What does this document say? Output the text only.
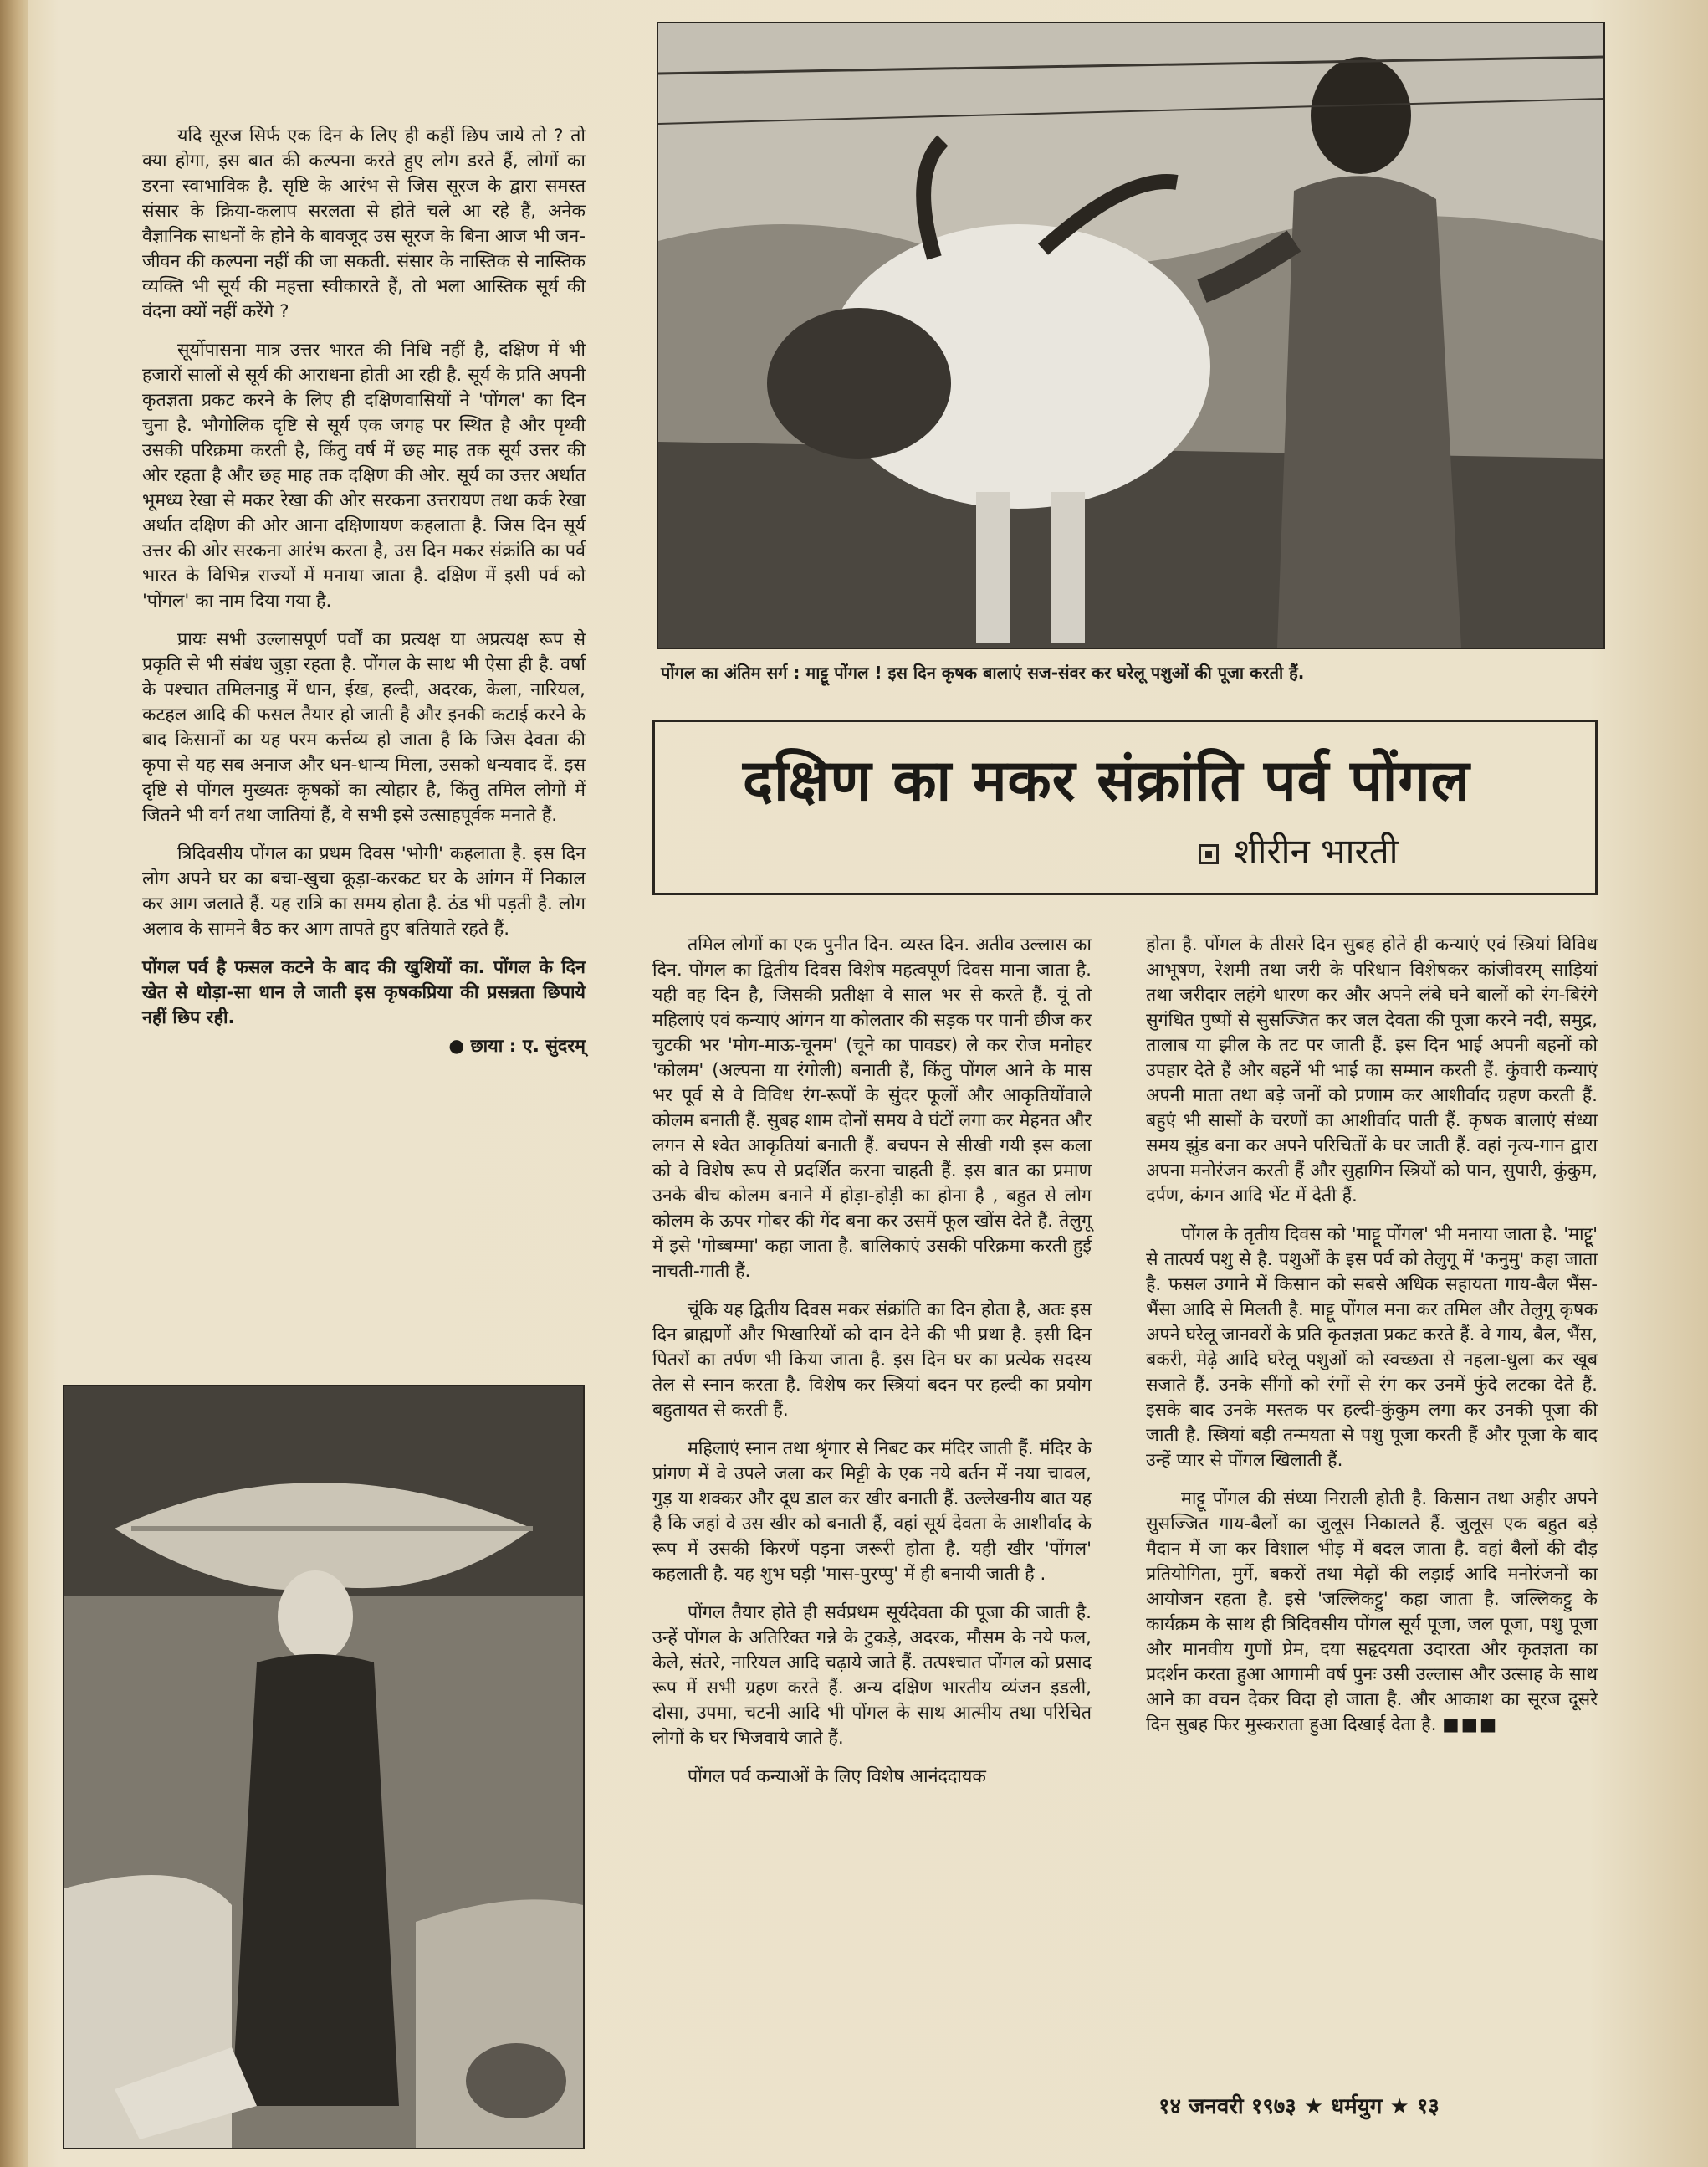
यदि सूरज सिर्फ एक दिन के लिए ही कहीं छिप जाये तो ? तो क्या होगा, इस बात की कल्पना करते हुए लोग डरते हैं, लोगों का डरना स्वाभाविक है. सृष्टि के आरंभ से जिस सूरज के द्वारा समस्त संसार के क्रिया-कलाप सरलता से होते चले आ रहे हैं, अनेक वैज्ञानिक साधनों के होने के बावजूद उस सूरज के बिना आज भी जन-जीवन की कल्पना नहीं की जा सकती. संसार के नास्तिक से नास्तिक व्यक्ति भी सूर्य की महत्ता स्वीकारते हैं, तो भला आस्तिक सूर्य की वंदना क्यों नहीं करेंगे ?

सूर्योपासना मात्र उत्तर भारत की निधि नहीं है, दक्षिण में भी हजारों सालों से सूर्य की आराधना होती आ रही है. सूर्य के प्रति अपनी कृतज्ञता प्रकट करने के लिए ही दक्षिणवासियों ने 'पोंगल' का दिन चुना है. भौगोलिक दृष्टि से सूर्य एक जगह पर स्थित है और पृथ्वी उसकी परिक्रमा करती है, किंतु वर्ष में छह माह तक सूर्य उत्तर की ओर रहता है और छह माह तक दक्षिण की ओर. सूर्य का उत्तर अर्थात भूमध्य रेखा से मकर रेखा की ओर सरकना उत्तरायण तथा कर्क रेखा अर्थात दक्षिण की ओर आना दक्षिणायण कहलाता है. जिस दिन सूर्य उत्तर की ओर सरकना आरंभ करता है, उस दिन मकर संक्रांति का पर्व भारत के विभिन्न राज्यों में मनाया जाता है. दक्षिण में इसी पर्व को 'पोंगल' का नाम दिया गया है.

प्रायः सभी उल्लासपूर्ण पर्वों का प्रत्यक्ष या अप्रत्यक्ष रूप से प्रकृति से भी संबंध जुड़ा रहता है. पोंगल के साथ भी ऐसा ही है. वर्षा के पश्चात तमिलनाडु में धान, ईख, हल्दी, अदरक, केला, नारियल, कटहल आदि की फसल तैयार हो जाती है और इनकी कटाई करने के बाद किसानों का यह परम कर्त्तव्य हो जाता है कि जिस देवता की कृपा से यह सब अनाज और धन-धान्य मिला, उसको धन्यवाद दें. इस दृष्टि से पोंगल मुख्यतः कृषकों का त्योहार है, किंतु तमिल लोगों में जितने भी वर्ग तथा जातियां हैं, वे सभी इसे उत्साहपूर्वक मनाते हैं.

त्रिदिवसीय पोंगल का प्रथम दिवस 'भोगी' कहलाता है. इस दिन लोग अपने घर का बचा-खुचा कूड़ा-करकट घर के आंगन में निकाल कर आग जलाते हैं. यह रात्रि का समय होता है. ठंड भी पड़ती है. लोग अलाव के सामने बैठ कर आग तापते हुए बतियाते रहते हैं.

पोंगल पर्व है फसल कटने के बाद की खुशियों का. पोंगल के दिन खेत से थोड़ा-सा धान ले जाती इस कृषकप्रिया की प्रसन्नता छिपाये नहीं छिप रही.

● छाया : ए. सुंदरम्
पोंगल का अंतिम सर्ग : माट्टू पोंगल ! इस दिन कृषक बालाएं सज-संवर कर घरेलू पशुओं की पूजा करती हैं.
दक्षिण का मकर संक्रांति पर्व पोंगल
शीरीन भारती

तमिल लोगों का एक पुनीत दिन. व्यस्त दिन. अतीव उल्लास का दिन. पोंगल का द्वितीय दिवस विशेष महत्वपूर्ण दिवस माना जाता है. यही वह दिन है, जिसकी प्रतीक्षा वे साल भर से करते हैं. यूं तो महिलाएं एवं कन्याएं आंगन या कोलतार की सड़क पर पानी छीज कर चुटकी भर 'मोग-माऊ-चूनम' (चूने का पावडर) ले कर रोज मनोहर 'कोलम' (अल्पना या रंगोली) बनाती हैं, किंतु पोंगल आने के मास भर पूर्व से वे विविध रंग-रूपों के सुंदर फूलों और आकृतियोंवाले कोलम बनाती हैं. सुबह शाम दोनों समय वे घंटों लगा कर मेहनत और लगन से श्वेत आकृतियां बनाती हैं. बचपन से सीखी गयी इस कला को वे विशेष रूप से प्रदर्शित करना चाहती हैं. इस बात का प्रमाण उनके बीच कोलम बनाने में होड़ा-होड़ी का होना है , बहुत से लोग कोलम के ऊपर गोबर की गेंद बना कर उसमें फूल खोंस देते हैं. तेलुगू में इसे 'गोब्बम्मा' कहा जाता है. बालिकाएं उसकी परिक्रमा करती हुई नाचती-गाती हैं.

चूंकि यह द्वितीय दिवस मकर संक्रांति का दिन होता है, अतः इस दिन ब्राह्मणों और भिखारियों को दान देने की भी प्रथा है. इसी दिन पितरों का तर्पण भी किया जाता है. इस दिन घर का प्रत्येक सदस्य तेल से स्नान करता है. विशेष कर स्त्रियां बदन पर हल्दी का प्रयोग बहुतायत से करती हैं.

महिलाएं स्नान तथा श्रृंगार से निबट कर मंदिर जाती हैं. मंदिर के प्रांगण में वे उपले जला कर मिट्टी के एक नये बर्तन में नया चावल, गुड़ या शक्कर और दूध डाल कर खीर बनाती हैं. उल्लेखनीय बात यह है कि जहां वे उस खीर को बनाती हैं, वहां सूर्य देवता के आशीर्वाद के रूप में उसकी किरणें पड़ना जरूरी होता है. यही खीर 'पोंगल' कहलाती है. यह शुभ घड़ी 'मास-पुरप्पु' में ही बनायी जाती है .

पोंगल तैयार होते ही सर्वप्रथम सूर्यदेवता की पूजा की जाती है. उन्हें पोंगल के अतिरिक्त गन्ने के टुकड़े, अदरक, मौसम के नये फल, केले, संतरे, नारियल आदि चढ़ाये जाते हैं. तत्पश्चात पोंगल को प्रसाद रूप में सभी ग्रहण करते हैं. अन्य दक्षिण भारतीय व्यंजन इडली, दोसा, उपमा, चटनी आदि भी पोंगल के साथ आत्मीय तथा परिचित लोगों के घर भिजवाये जाते हैं.

पोंगल पर्व कन्याओं के लिए विशेष आनंददायक

होता है. पोंगल के तीसरे दिन सुबह होते ही कन्याएं एवं स्त्रियां विविध आभूषण, रेशमी तथा जरी के परिधान विशेषकर कांजीवरम् साड़ियां तथा जरीदार लहंगे धारण कर और अपने लंबे घने बालों को रंग-बिरंगे सुगंधित पुष्पों से सुसज्जित कर जल देवता की पूजा करने नदी, समुद्र, तालाब या झील के तट पर जाती हैं. इस दिन भाई अपनी बहनों को उपहार देते हैं और बहनें भी भाई का सम्मान करती हैं. कुंवारी कन्याएं अपनी माता तथा बड़े जनों को प्रणाम कर आशीर्वाद ग्रहण करती हैं. बहुएं भी सासों के चरणों का आशीर्वाद पाती हैं. कृषक बालाएं संध्या समय झुंड बना कर अपने परिचितों के घर जाती हैं. वहां नृत्य-गान द्वारा अपना मनोरंजन करती हैं और सुहागिन स्त्रियों को पान, सुपारी, कुंकुम, दर्पण, कंगन आदि भेंट में देती हैं.

पोंगल के तृतीय दिवस को 'माट्टू पोंगल' भी मनाया जाता है. 'माट्टू' से तात्पर्य पशु से है. पशुओं के इस पर्व को तेलुगू में 'कनुमु' कहा जाता है. फसल उगाने में किसान को सबसे अधिक सहायता गाय-बैल भैंस-भैंसा आदि से मिलती है. माट्टू पोंगल मना कर तमिल और तेलुगू कृषक अपने घरेलू जानवरों के प्रति कृतज्ञता प्रकट करते हैं. वे गाय, बैल, भैंस, बकरी, मेढ़े आदि घरेलू पशुओं को स्वच्छता से नहला-धुला कर खूब सजाते हैं. उनके सींगों को रंगों से रंग कर उनमें फुंदे लटका देते हैं. इसके बाद उनके मस्तक पर हल्दी-कुंकुम लगा कर उनकी पूजा की जाती है. स्त्रियां बड़ी तन्मयता से पशु पूजा करती हैं और पूजा के बाद उन्हें प्यार से पोंगल खिलाती हैं.

माट्टू पोंगल की संध्या निराली होती है. किसान तथा अहीर अपने सुसज्जित गाय-बैलों का जुलूस निकालते हैं. जुलूस एक बहुत बड़े मैदान में जा कर विशाल भीड़ में बदल जाता है. वहां बैलों की दौड़ प्रतियोगिता, मुर्गे, बकरों तथा मेढ़ों की लड़ाई आदि मनोरंजनों का आयोजन रहता है. इसे 'जल्लिकट्टु' कहा जाता है. जल्लिकट्टु के कार्यक्रम के साथ ही त्रिदिवसीय पोंगल सूर्य पूजा, जल पूजा, पशु पूजा और मानवीय गुणों प्रेम, दया सहृदयता उदारता और कृतज्ञता का प्रदर्शन करता हुआ आगामी वर्ष पुनः उसी उल्लास और उत्साह के साथ आने का वचन देकर विदा हो जाता है. और आकाश का सूरज दूसरे दिन सुबह फिर मुस्कराता हुआ दिखाई देता है. ■■■

१४ जनवरी १९७३ ★ धर्मयुग ★ १३
